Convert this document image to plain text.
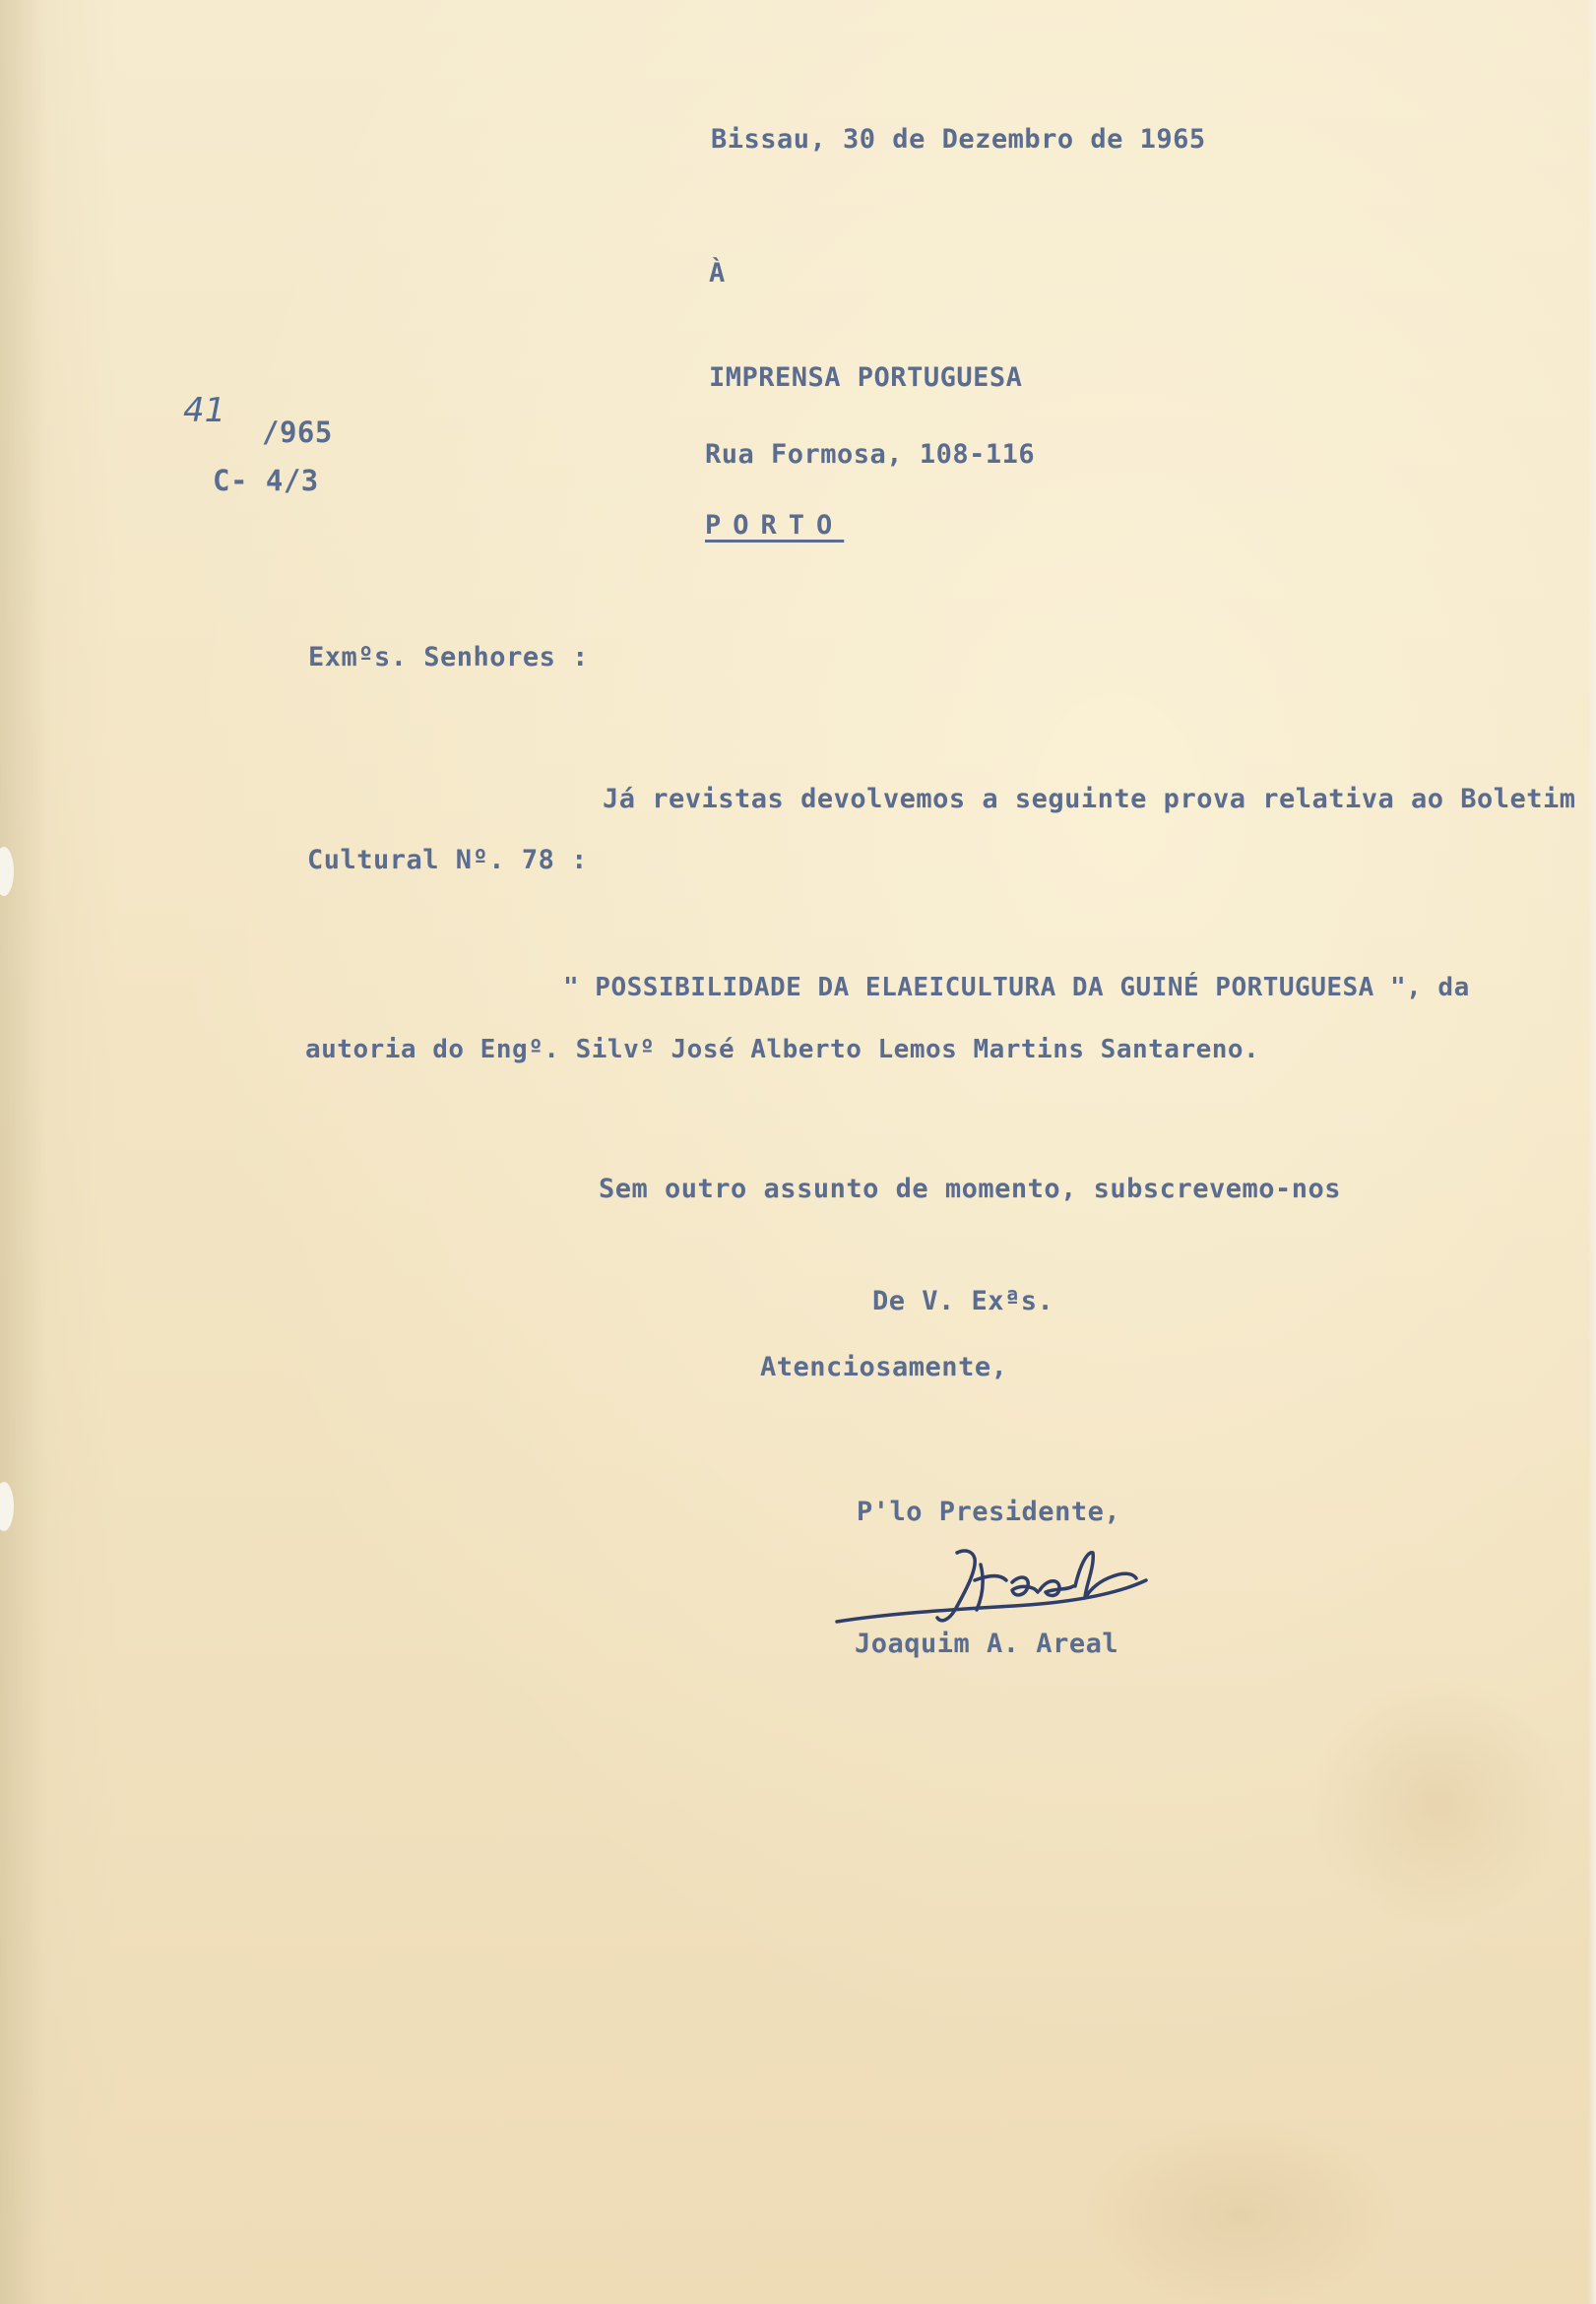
Bissau, 30 de Dezembro de 1965

À

IMPRENSA PORTUGUESA

Rua Formosa, 108-116

PORTO

41

/965

C- 4/3

Exmºs. Senhores :

Já revistas devolvemos a seguinte prova relativa ao Boletim

Cultural Nº. 78 :

" POSSIBILIDADE DA ELAEICULTURA DA GUINÉ PORTUGUESA ", da

autoria do Engº. Silvº José Alberto Lemos Martins Santareno.

Sem outro assunto de momento, subscrevemo-nos

De V. Exªs.

Atenciosamente,

P'lo Presidente,

Joaquim A. Areal
